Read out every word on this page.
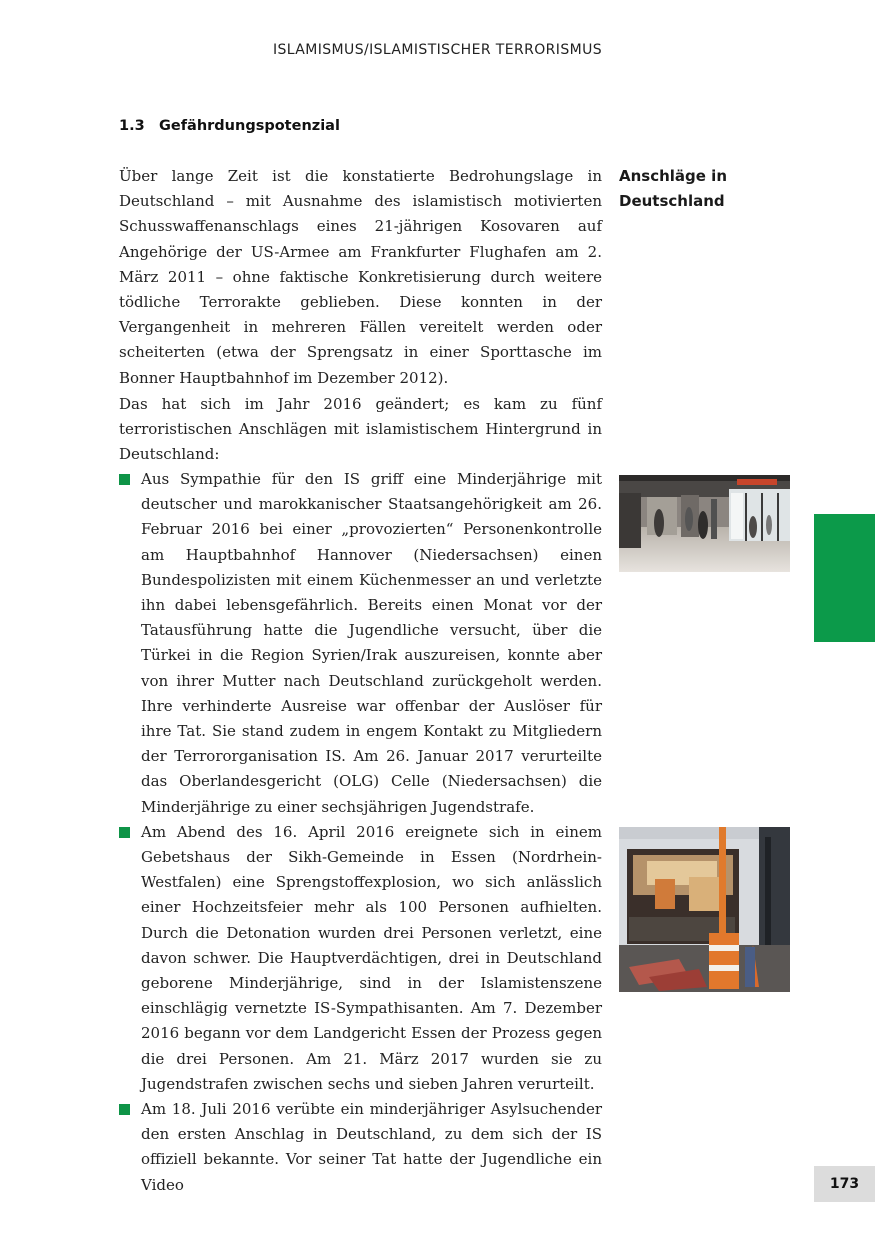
ISLAMISMUS/ISLAMISTISCHER TERRORISMUS
1.3 Gefährdungspotenzial

Über lange Zeit ist die konstatierte Bedrohungslage in Deutschland – mit Ausnahme des islamistisch motivierten Schusswaffenanschlags eines 21-jährigen Kosovaren auf Angehörige der US-Armee am Frankfurter Flughafen am 2. März 2011 – ohne faktische Konkretisierung durch weitere tödliche Terrorakte geblieben. Diese konnten in der Vergangenheit in mehreren Fällen vereitelt werden oder scheiterten (etwa der Sprengsatz in einer Sporttasche im Bonner Hauptbahnhof im Dezember 2012).

Anschläge in Deutschland

Das hat sich im Jahr 2016 geändert; es kam zu fünf terroristischen Anschlägen mit islamistischem Hintergrund in Deutschland:

Aus Sympathie für den IS griff eine Minderjährige mit deutscher und marokkanischer Staatsangehörigkeit am 26. Februar 2016 bei einer „provozierten“ Personenkontrolle am Hauptbahnhof Hannover (Niedersachsen) einen Bundespolizisten mit einem Küchenmesser an und verletzte ihn dabei lebensgefährlich. Bereits einen Monat vor der Tatausführung hatte die Jugendliche versucht, über die Türkei in die Region Syrien/Irak auszureisen, konnte aber von ihrer Mutter nach Deutschland zurückgeholt werden. Ihre verhinderte Ausreise war offenbar der Auslöser für ihre Tat. Sie stand zudem in engem Kontakt zu Mitgliedern der Terrororganisation IS. Am 26. Januar 2017 verurteilte das Oberlandesgericht (OLG) Celle (Niedersachsen) die Minderjährige zu einer sechsjährigen Jugendstrafe.
Am Abend des 16. April 2016 ereignete sich in einem Gebetshaus der Sikh-Gemeinde in Essen (Nordrhein-Westfalen) eine Sprengstoffexplosion, wo sich anlässlich einer Hochzeitsfeier mehr als 100 Personen aufhielten. Durch die Detonation wurden drei Personen verletzt, eine davon schwer. Die Hauptverdächtigen, drei in Deutschland geborene Minderjährige, sind in der Islamistenszene einschlägig vernetzte IS-Sympathisanten. Am 7. Dezember 2016 begann vor dem Landgericht Essen der Prozess gegen die drei Personen. Am 21. März 2017 wurden sie zu Jugendstrafen zwischen sechs und sieben Jahren verurteilt.
Am 18. Juli 2016 verübte ein minderjähriger Asylsuchender den ersten Anschlag in Deutschland, zu dem sich der IS offiziell bekannte. Vor seiner Tat hatte der Jugendliche ein Video	173
